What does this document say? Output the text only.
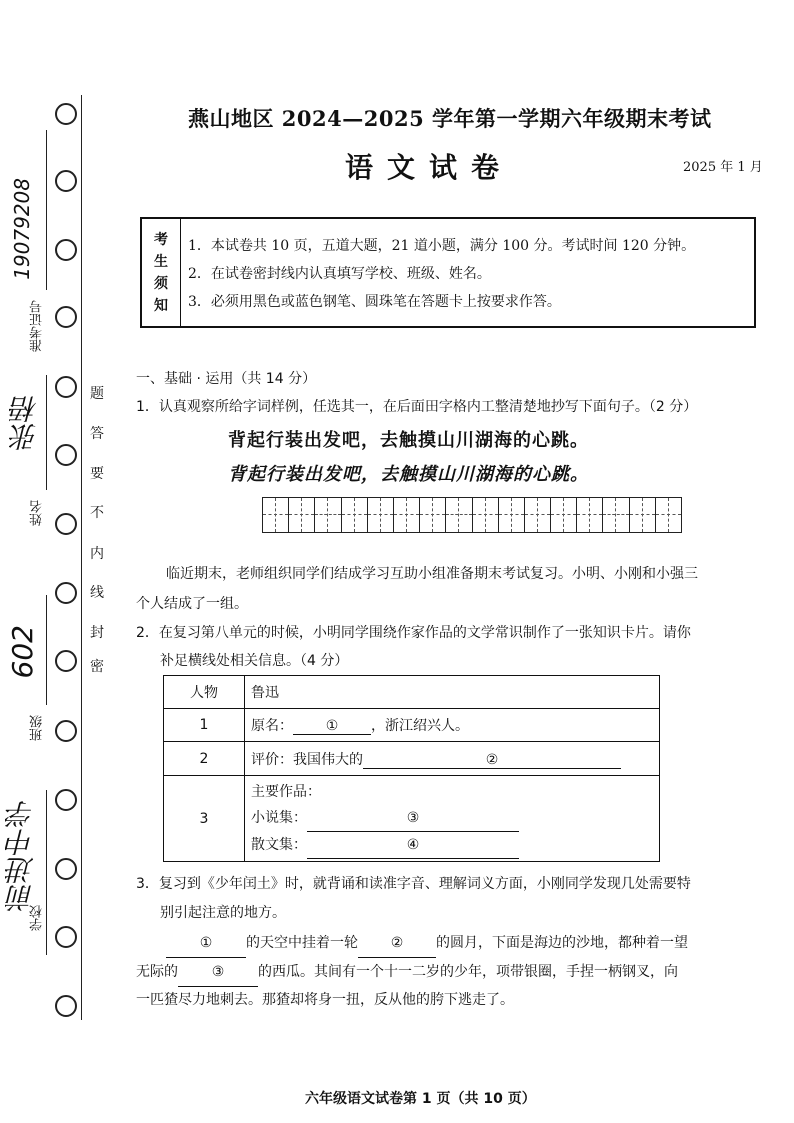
准考证号
姓名
班级
学校
19079208
张梧
602
前进中学
密
封
线
内
不
要
答
题
燕山地区 2024—2025 学年第一学期六年级期末考试
语文试卷	2025 年 1 月
考
生
须
知
1．本试卷共 10 页，五道大题，21 道小题，满分 100 分。考试时间 120 分钟。
2．在试卷密封线内认真填写学校、班级、姓名。
3．必须用黑色或蓝色钢笔、圆珠笔在答题卡上按要求作答。
一、基础 · 运用（共 14 分）
1．认真观察所给字词样例，任选其一，在后面田字格内工整清楚地抄写下面句子。（2 分）
背起行装出发吧，去触摸山川湖海的心跳。
背起行装出发吧，去触摸山川湖海的心跳。
临近期末，老师组织同学们结成学习互助小组准备期末考试复习。小明、小刚和小强三
个人结成了一组。
2．在复习第八单元的时候，小明同学围绕作家作品的文学常识制作了一张知识卡片。请你
补足横线处相关信息。（4 分）
人物	鲁迅
1	原名： ① ，浙江绍兴人。
2	评价：我国伟大的 ②
3	主要作品：
小说集： ③
散文集： ④
3．复习到《少年闰土》时，就背诵和读准字音、理解词义方面，小刚同学发现几处需要特
别引起注意的地方。
① 的天空中挂着一轮 ② 的圆月，下面是海边的沙地，都种着一望
无际的 ③ 的西瓜。其间有一个十一二岁的少年，项带银圈，手捏一柄钢叉，向
一匹猹尽力地刺去。那猹却将身一扭，反从他的胯下逃走了。
六年级语文试卷第 1 页（共 10 页）
